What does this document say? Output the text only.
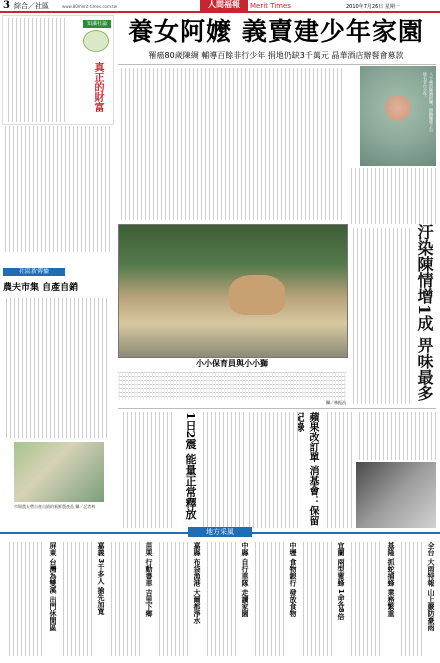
3 綜合／社區	www.80merit-times.com.tw	人間福報	Merit Times	2010年7月26日 星期一
知識社論
真正的財富
社區新傳播
農夫市集 自產自銷
市場農夫帶自產自銷的新鮮農產品 攝／記者林
養女阿嬤 義賣建少年家園
罹癌80歲陳綢 輔導百餘非行少年 捐地仍缺3千萬元 晶華酒店辦餐會募款
八十歲的陳綢阿嬤，照顧輔導了百餘名非行少年。
小小保育員與小小獅
攝／林振昌
汙染陳情增1成 畀味最多
1日2震 能量正常釋放	蘋果改訂單 消基會：保留
地方采風
全台 大雨特報 山上嚴防豪雨
基隆 抓蛇捕蜂 業務繁重
宜蘭 兩型蜜蜂 1命各8倍
中壢 食物銀行 發放食物
中縣 自行車隊 走讀家園
嘉縣 布袋漁港 大爾都淨水
苗栗 行動書車 吉里下鄉
嘉義 3千多人 搶先加寬
屏東 台灣為雙溪 出門休閒區
